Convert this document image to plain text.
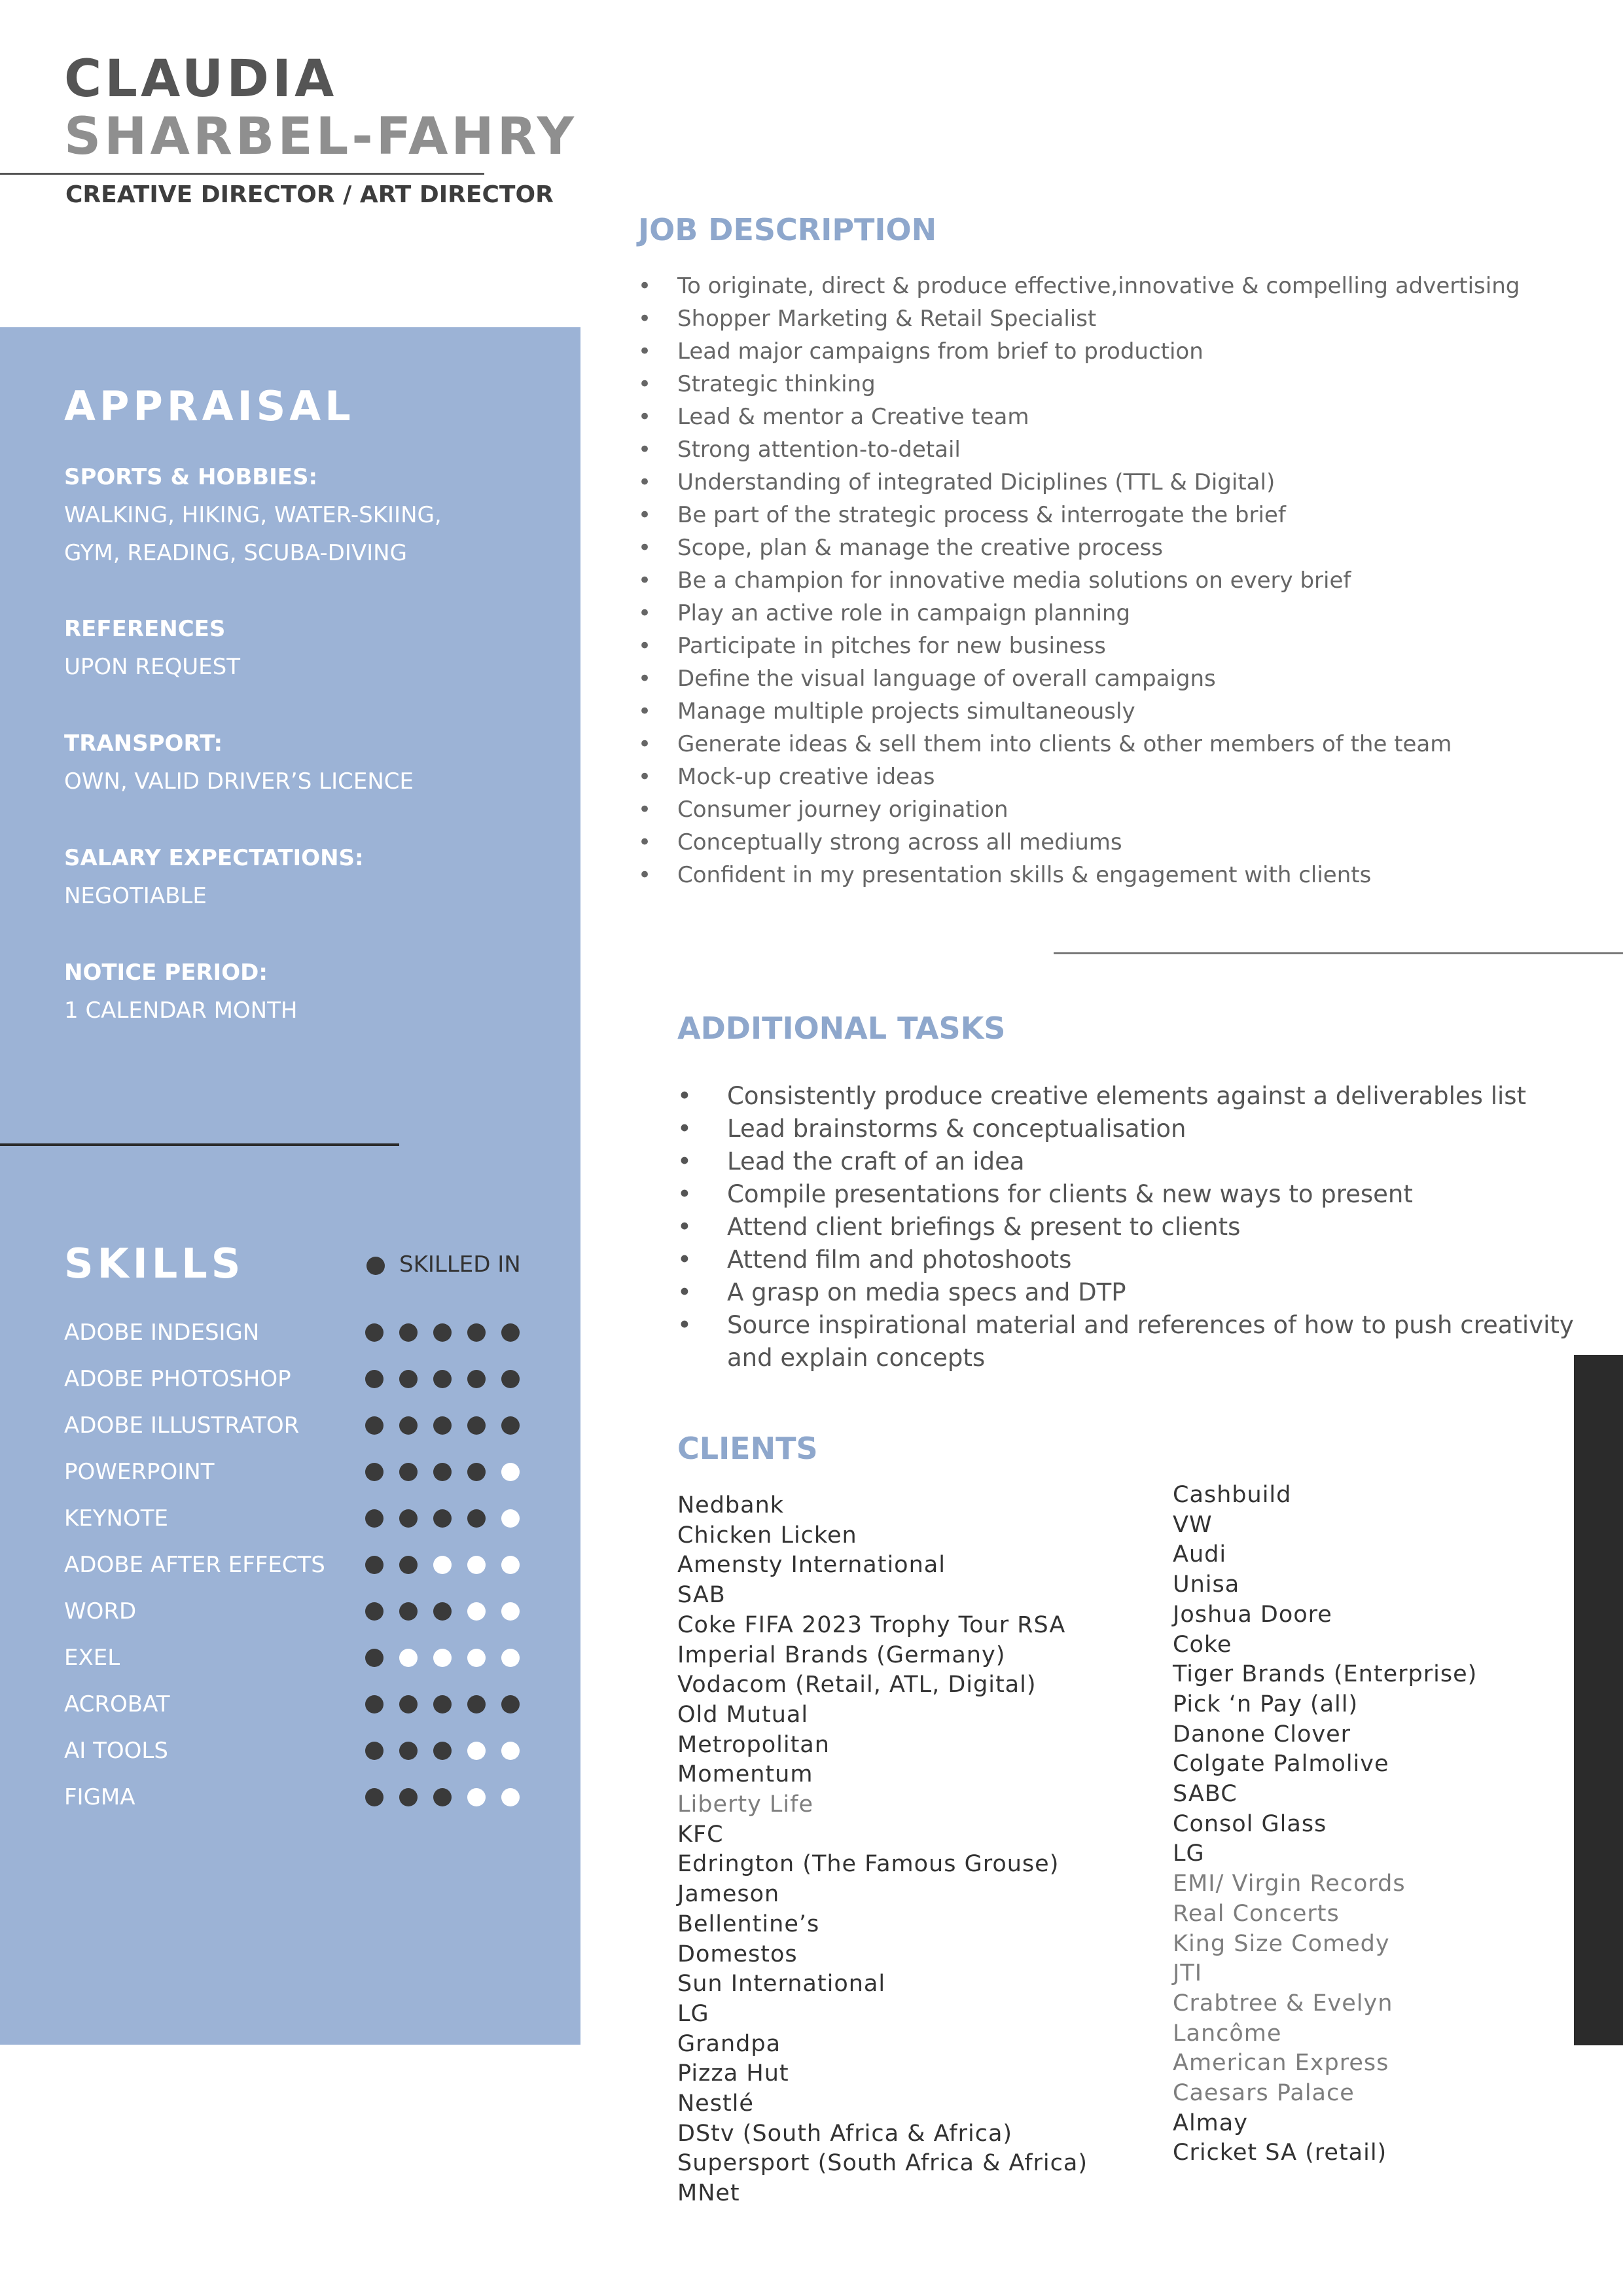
CLAUDIA
SHARBEL-FAHRY
CREATIVE DIRECTOR / ART DIRECTOR
APPRAISAL
SPORTS & HOBBIES:
WALKING, HIKING, WATER-SKIING, GYM, READING, SCUBA-DIVING
REFERENCES
UPON REQUEST
TRANSPORT:
OWN, VALID DRIVER’S LICENCE
SALARY EXPECTATIONS:
NEGOTIABLE
NOTICE PERIOD:
1 CALENDAR MONTH
SKILLS	SKILLED IN
ADOBE INDESIGN
ADOBE PHOTOSHOP
ADOBE ILLUSTRATOR
POWERPOINT
KEYNOTE
ADOBE AFTER EFFECTS
WORD
EXEL
ACROBAT
AI TOOLS
FIGMA
JOB DESCRIPTION
• To originate, direct & produce effective,innovative & compelling advertising
• Shopper Marketing & Retail Specialist
• Lead major campaigns from brief to production
• Strategic thinking
• Lead & mentor a Creative team
• Strong attention-to-detail
• Understanding of integrated Diciplines (TTL & Digital)
• Be part of the strategic process & interrogate the brief
• Scope, plan & manage the creative process
• Be a champion for innovative media solutions on every brief
• Play an active role in campaign planning
• Participate in pitches for new business
• Define the visual language of overall campaigns
• Manage multiple projects simultaneously
• Generate ideas & sell them into clients & other members of the team
• Mock-up creative ideas
• Consumer journey origination
• Conceptually strong across all mediums
• Confident in my presentation skills & engagement with clients
ADDITIONAL TASKS
• Consistently produce creative elements against a deliverables list
• Lead brainstorms & conceptualisation
• Lead the craft of an idea
• Compile presentations for clients & new ways to present
• Attend client briefings & present to clients
• Attend film and photoshoots
• A grasp on media specs and DTP
• Source inspirational material and references of how to push creativity and explain concepts
CLIENTS
Nedbank
Chicken Licken
Amensty International
SAB
Coke FIFA 2023 Trophy Tour RSA
Imperial Brands (Germany)
Vodacom (Retail, ATL, Digital)
Old Mutual
Metropolitan
Momentum
Liberty Life
KFC
Edrington (The Famous Grouse)
Jameson
Bellentine’s
Domestos
Sun International
LG
Grandpa
Pizza Hut
Nestlé
DStv (South Africa & Africa)
Supersport (South Africa & Africa)
MNet
Cashbuild
VW
Audi
Unisa
Joshua Doore
Coke
Tiger Brands (Enterprise)
Pick ‘n Pay (all)
Danone Clover
Colgate Palmolive
SABC
Consol Glass
LG
EMI/ Virgin Records
Real Concerts
King Size Comedy
JTI
Crabtree & Evelyn
Lancôme
American Express
Caesars Palace
Almay
Cricket SA (retail)
